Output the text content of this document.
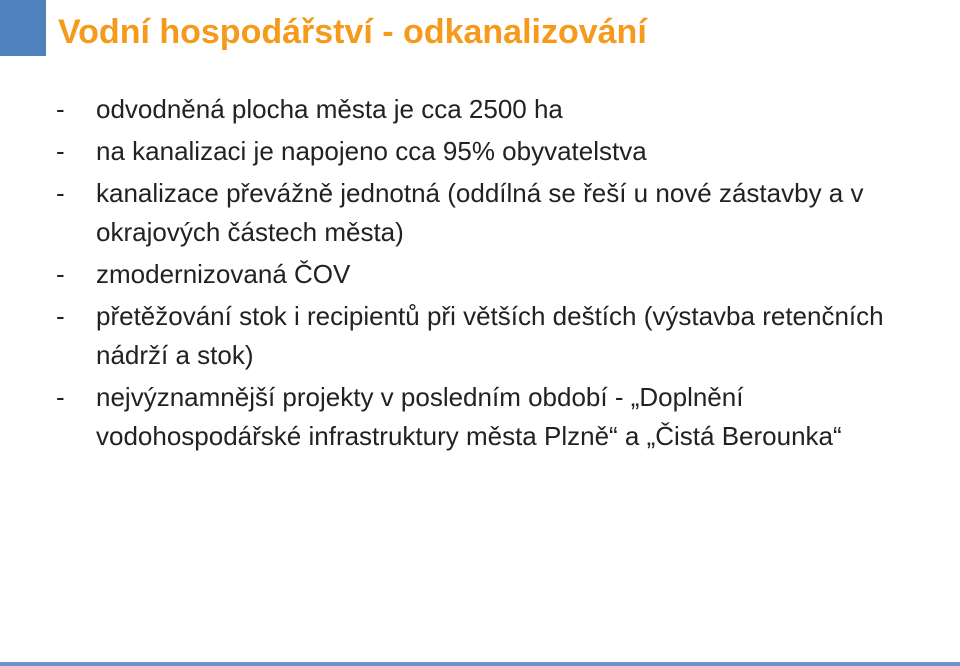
Vodní hospodářství - odkanalizování
-	odvodněná plocha města je cca 2500 ha
-	na kanalizaci je napojeno cca 95% obyvatelstva
-	kanalizace převážně jednotná (oddílná se řeší u nové zástavby a v okrajových částech města)
-	zmodernizovaná ČOV
-	přetěžování stok i recipientů při větších deštích (výstavba retenčních nádrží a stok)
-	nejvýznamnější projekty v posledním období - „Doplnění vodohospodářské infrastruktury města Plzně“ a „Čistá Berounka“
